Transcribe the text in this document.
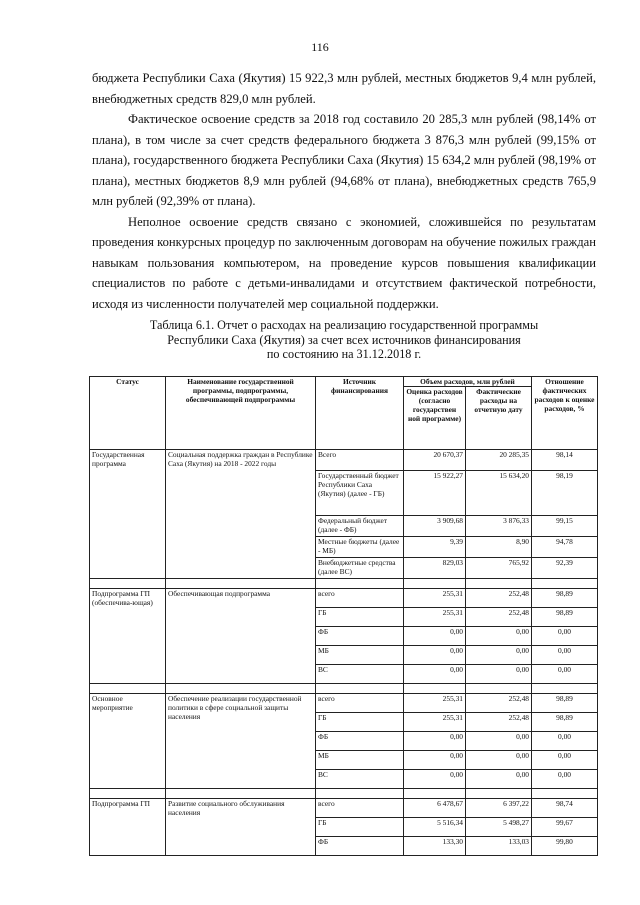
116

бюджета Республики Саха (Якутия) 15 922,3 млн рублей, местных бюджетов 9,4 млн рублей, внебюджетных средств 829,0 млн рублей.

Фактическое освоение средств за 2018 год составило 20 285,3 млн рублей (98,14% от плана), в том числе за счет средств федерального бюджета 3 876,3 млн рублей (99,15% от плана), государственного бюджета Республики Саха (Якутия) 15 634,2 млн рублей (98,19% от плана), местных бюджетов 8,9 млн рублей (94,68% от плана), внебюджетных средств 765,9 млн рублей (92,39% от плана).

Неполное освоение средств связано с экономией, сложившейся по результатам проведения конкурсных процедур по заключенным договорам на обучение пожилых граждан навыкам пользования компьютером, на проведение курсов повышения квалификации специалистов по работе с детьми-инвалидами и отсутствием фактической потребности, исходя из численности получателей мер социальной поддержки.

Таблица 6.1. Отчет о расходах на реализацию государственной программы
Республики Саха (Якутия) за счет всех источников финансирования
по состоянию на 31.12.2018 г.
Статус	Наименование государственной программы, подпрограммы, обеспечивающей подпрограммы	Источник финансирования	Объем расходов, млн рублей		Отношение фактических расходов к оценке расходов, %
			Оценка расходов (согласно государствен ной программе)	Фактические расходы на отчетную дату	
Государственная программа	Социальная поддержка граждан в Республике Саха (Якутия) на 2018 - 2022 годы	Всего	20 670,37	20 285,35	98,14
		Государственный бюджет Республики Саха (Якутия) (далее - ГБ)	15 922,27	15 634,20	98,19
		Федеральный бюджет (далее - ФБ)	3 909,68	3 876,33	99,15
		Местные бюджеты (далее - МБ)	9,39	8,90	94,78
		Внебюджетные средства (далее ВС)	829,03	765,92	92,39

Подпрограмма ГП (обеспечива-ющая)	Обеспечивающая подпрограмма	всего	255,31	252,48	98,89
		ГБ	255,31	252,48	98,89
		ФБ	0,00	0,00	0,00
		МБ	0,00	0,00	0,00
		ВС	0,00	0,00	0,00

Основное мероприятие	Обеспечение реализации государственной политики в сфере социальной защиты населения	всего	255,31	252,48	98,89
		ГБ	255,31	252,48	98,89
		ФБ	0,00	0,00	0,00
		МБ	0,00	0,00	0,00
		ВС	0,00	0,00	0,00

Подпрограмма ГП	Развитие социального обслуживания населения	всего	6 478,67	6 397,22	98,74
		ГБ	5 516,34	5 498,27	99,67
		ФБ	133,30	133,03	99,80
